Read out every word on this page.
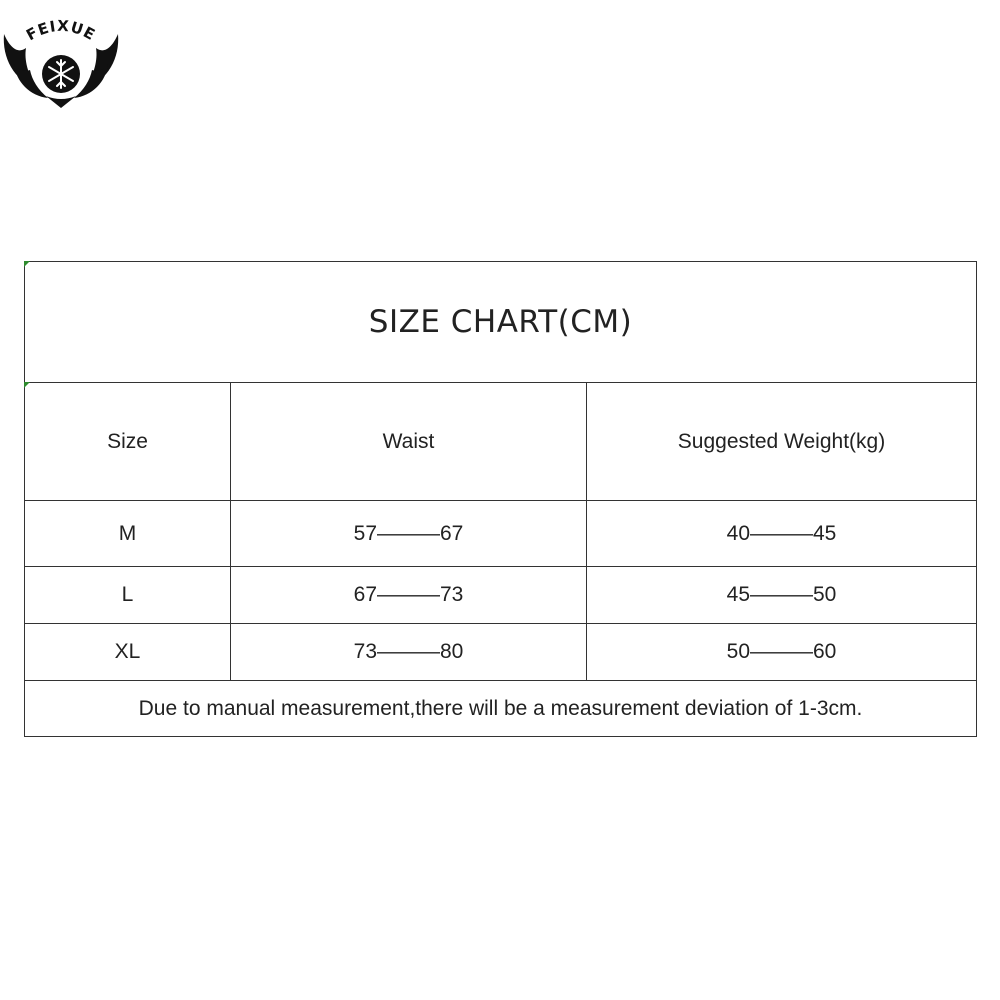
FEIXUE
SIZE CHART(CM)		
Size	Waist	Suggested Weight(kg)
M	57———67	40———45
L	67———73	45———50
XL	73———80	50———60
Due to manual measurement,there will be a measurement deviation of 1-3cm.		
